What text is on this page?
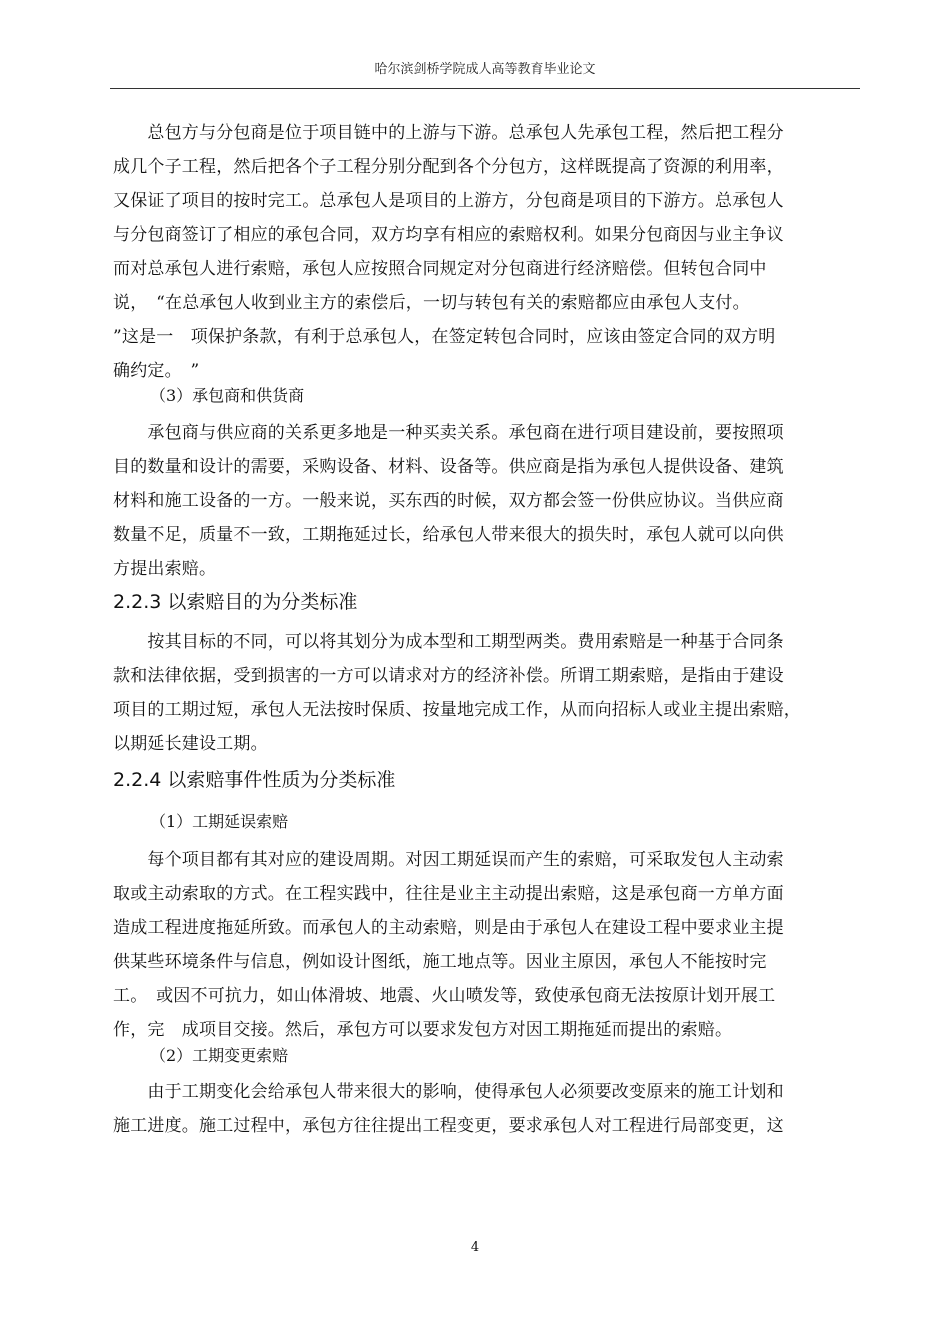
哈尔滨剑桥学院成人高等教育毕业论文
　　总包方与分包商是位于项目链中的上游与下游。总承包人先承包工程，然后把工程分
成几个子工程，然后把各个子工程分别分配到各个分包方，这样既提高了资源的利用率，
又保证了项目的按时完工。总承包人是项目的上游方，分包商是项目的下游方。总承包人
与分包商签订了相应的承包合同，双方均享有相应的索赔权利。如果分包商因与业主争议
而对总承包人进行索赔，承包人应按照合同规定对分包商进行经济赔偿。但转包合同中
说，　“在总承包人收到业主方的索偿后，一切与转包有关的索赔都应由承包人支付。
”这是一　项保护条款，有利于总承包人，在签定转包合同时，应该由签定合同的双方明
确约定。　”
（3）承包商和供货商
　　承包商与供应商的关系更多地是一种买卖关系。承包商在进行项目建设前，要按照项
目的数量和设计的需要，采购设备、材料、设备等。供应商是指为承包人提供设备、建筑
材料和施工设备的一方。一般来说，买东西的时候，双方都会签一份供应协议。当供应商
数量不足，质量不一致，工期拖延过长，给承包人带来很大的损失时，承包人就可以向供
方提出索赔。
2.2.3 以索赔目的为分类标准
　　按其目标的不同，可以将其划分为成本型和工期型两类。费用索赔是一种基于合同条
款和法律依据，受到损害的一方可以请求对方的经济补偿。所谓工期索赔，是指由于建设
项目的工期过短，承包人无法按时保质、按量地完成工作，从而向招标人或业主提出索赔，
以期延长建设工期。
2.2.4 以索赔事件性质为分类标准
（1）工期延误索赔
　　每个项目都有其对应的建设周期。对因工期延误而产生的索赔，可采取发包人主动索
取或主动索取的方式。在工程实践中，往往是业主主动提出索赔，这是承包商一方单方面
造成工程进度拖延所致。而承包人的主动索赔，则是由于承包人在建设工程中要求业主提
供某些环境条件与信息，例如设计图纸，施工地点等。因业主原因，承包人不能按时完
工。　或因不可抗力，如山体滑坡、地震、火山喷发等，致使承包商无法按原计划开展工
作，完　成项目交接。然后，承包方可以要求发包方对因工期拖延而提出的索赔。
（2）工期变更索赔
　　由于工期变化会给承包人带来很大的影响，使得承包人必须要改变原来的施工计划和
施工进度。施工过程中，承包方往往提出工程变更，要求承包人对工程进行局部变更，这
4
